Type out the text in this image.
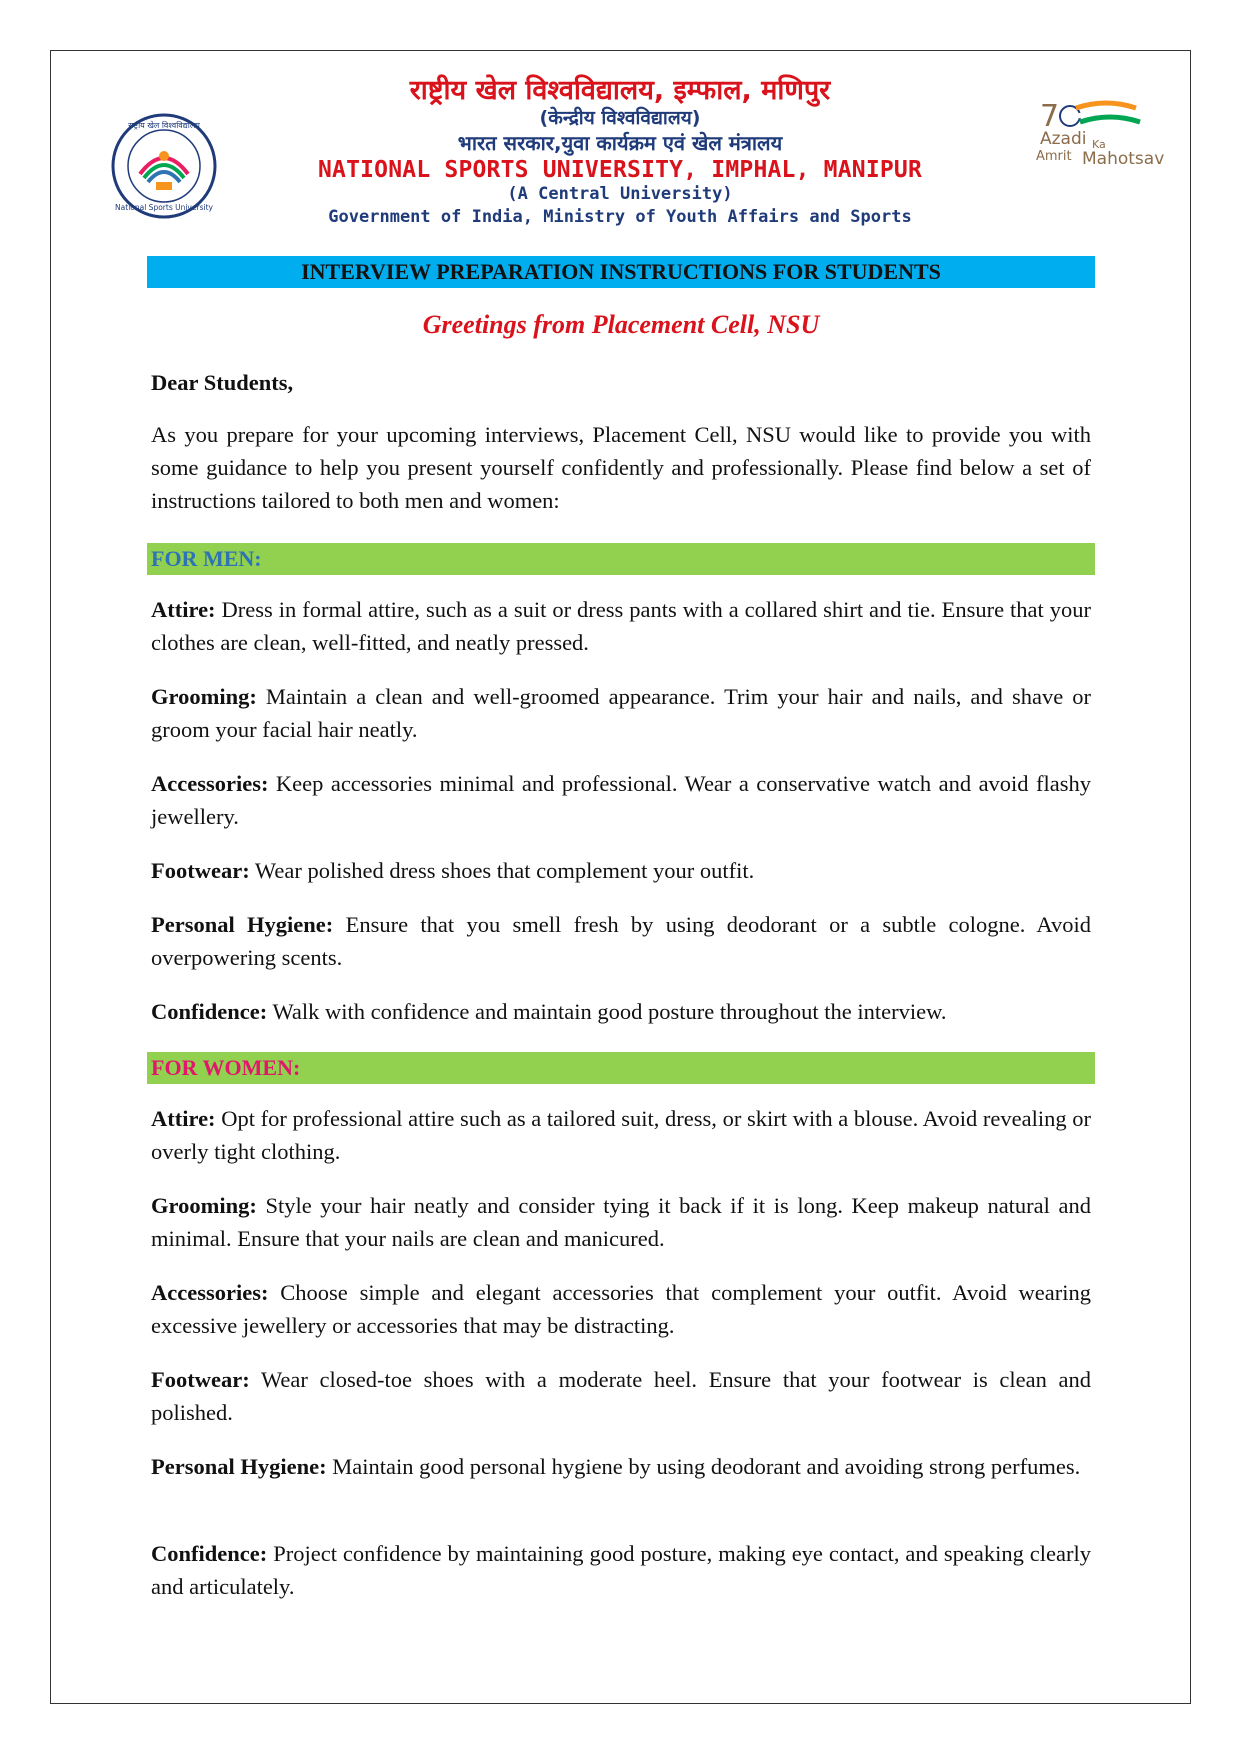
राष्ट्रीय खेल विश्वविद्यालय
National Sports University
7
Azadi Ka
Amrit Mahotsav
राष्ट्रीय खेल विश्वविद्यालय, इम्फाल, मणिपुर
(केन्द्रीय विश्वविद्यालय)
भारत सरकार,युवा कार्यक्रम एवं खेल मंत्रालय
NATIONAL SPORTS UNIVERSITY, IMPHAL, MANIPUR
(A Central University)
Government of India, Ministry of Youth Affairs and Sports
INTERVIEW PREPARATION INSTRUCTIONS FOR STUDENTS
Greetings from Placement Cell, NSU
Dear Students,
As you prepare for your upcoming interviews, Placement Cell, NSU would like to provide you with some guidance to help you present yourself confidently and professionally. Please find below a set of instructions tailored to both men and women:
FOR MEN:
Attire: Dress in formal attire, such as a suit or dress pants with a collared shirt and tie. Ensure that your clothes are clean, well-fitted, and neatly pressed.
Grooming: Maintain a clean and well-groomed appearance. Trim your hair and nails, and shave or groom your facial hair neatly.
Accessories: Keep accessories minimal and professional. Wear a conservative watch and avoid flashy jewellery.
Footwear: Wear polished dress shoes that complement your outfit.
Personal Hygiene: Ensure that you smell fresh by using deodorant or a subtle cologne. Avoid overpowering scents.
Confidence: Walk with confidence and maintain good posture throughout the interview.
FOR WOMEN:
Attire: Opt for professional attire such as a tailored suit, dress, or skirt with a blouse. Avoid revealing or overly tight clothing.
Grooming: Style your hair neatly and consider tying it back if it is long. Keep makeup natural and minimal. Ensure that your nails are clean and manicured.
Accessories: Choose simple and elegant accessories that complement your outfit. Avoid wearing excessive jewellery or accessories that may be distracting.
Footwear: Wear closed-toe shoes with a moderate heel. Ensure that your footwear is clean and polished.
Personal Hygiene: Maintain good personal hygiene by using deodorant and avoiding strong perfumes.
Confidence: Project confidence by maintaining good posture, making eye contact, and speaking clearly and articulately.
